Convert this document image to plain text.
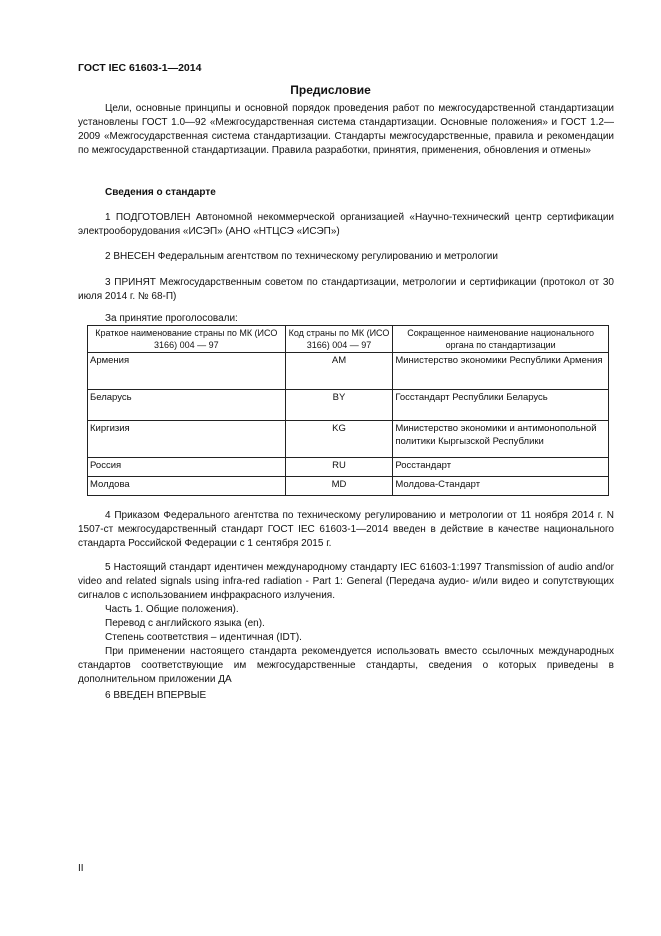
ГОСТ IEC 61603-1—2014
Предисловие

Цели, основные принципы и основной порядок проведения работ по межгосударственной стандартизации установлены ГОСТ 1.0—92 «Межгосударственная система стандартизации. Основные положения» и ГОСТ 1.2—2009 «Межгосударственная система стандартизации. Стандарты межгосударственные, правила и рекомендации по межгосударственной стандартизации. Правила разработки, принятия, применения, обновления и отмены»

Сведения о стандарте

1 ПОДГОТОВЛЕН Автономной некоммерческой организацией «Научно-технический центр сертификации электрооборудования «ИСЭП» (АНО «НТЦСЭ «ИСЭП»)

2 ВНЕСЕН Федеральным агентством по техническому регулированию и метрологии

3 ПРИНЯТ Межгосударственным советом по стандартизации, метрологии и сертификации (протокол от 30 июля 2014 г. № 68-П)

За принятие проголосовали:
Краткое наименование страны по МК (ИСО 3166) 004 — 97	Код страны по МК (ИСО 3166) 004 — 97	Сокращенное наименование национального органа по стандартизации
Армения	AM	Министерство экономики Республики Армения
Беларусь	BY	Госстандарт Республики Беларусь
Киргизия	KG	Министерство экономики и антимонопольной политики Кыргызской Республики
Россия	RU	Росстандарт
Молдова	MD	Молдова-Стандарт

4 Приказом Федерального агентства по техническому регулированию и метрологии от 11 ноября 2014 г. N 1507-ст межгосударственный стандарт ГОСТ IEC 61603-1—2014 введен в действие в качестве национального стандарта Российской Федерации с 1 сентября 2015 г.

5 Настоящий стандарт идентичен международному стандарту IEC 61603-1:1997 Transmission of audio and/or video and related signals using infra-red radiation - Part 1: General (Передача аудио- и/или видео и сопутствующих сигналов с использованием инфракрасного излучения.

Часть 1. Общие положения).

Перевод с английского языка (en).

Степень соответствия – идентичная (IDT).

При применении настоящего стандарта рекомендуется использовать вместо ссылочных международных стандартов соответствующие им межгосударственные стандарты, сведения о которых приведены в дополнительном приложении ДА

6 ВВЕДЕН ВПЕРВЫЕ

II
